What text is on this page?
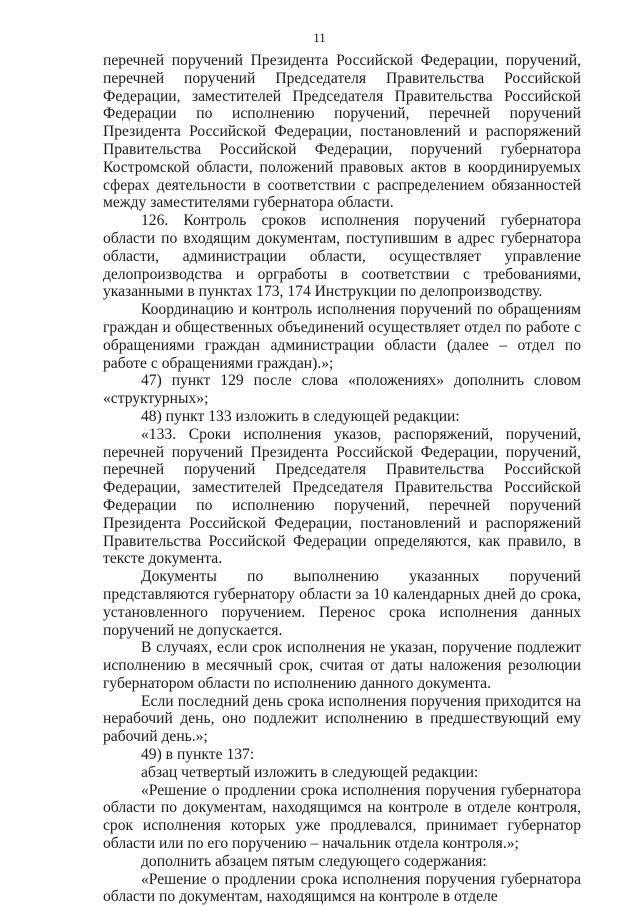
11

перечней поручений Президента Российской Федерации, поручений, перечней поручений Председателя Правительства Российской Федерации, заместителей Председателя Правительства Российской Федерации по исполнению поручений, перечней поручений Президента Российской Федерации, постановлений и распоряжений Правительства Российской Федерации, поручений губернатора Костромской области, положений правовых актов в координируемых сферах деятельности в соответствии с распределением обязанностей между заместителями губернатора области.

126. Контроль сроков исполнения поручений губернатора области по входящим документам, поступившим в адрес губернатора области, администрации области, осуществляет управление делопроизводства и оргработы в соответствии с требованиями, указанными в пунктах 173, 174 Инструкции по делопроизводству.

Координацию и контроль исполнения поручений по обращениям граждан и общественных объединений осуществляет отдел по работе с обращениями граждан администрации области (далее – отдел по работе с обращениями граждан).»;

47) пункт 129 после слова «положениях» дополнить словом «структурных»;

48) пункт 133 изложить в следующей редакции:

«133. Сроки исполнения указов, распоряжений, поручений, перечней поручений Президента Российской Федерации, поручений, перечней поручений Председателя Правительства Российской Федерации, заместителей Председателя Правительства Российской Федерации по исполнению поручений, перечней поручений Президента Российской Федерации, постановлений и распоряжений Правительства Российской Федерации определяются, как правило, в тексте документа.

Документы по выполнению указанных поручений представляются губернатору области за 10 календарных дней до срока, установленного поручением. Перенос срока исполнения данных поручений не допускается.

В случаях, если срок исполнения не указан, поручение подлежит исполнению в месячный срок, считая от даты наложения резолюции губернатором области по исполнению данного документа.

Если последний день срока исполнения поручения приходится на нерабочий день, оно подлежит исполнению в предшествующий ему рабочий день.»;

49) в пункте 137:

абзац четвертый изложить в следующей редакции:

«Решение о продлении срока исполнения поручения губернатора области по документам, находящимся на контроле в отделе контроля, срок исполнения которых уже продлевался, принимает губернатор области или по его поручению – начальник отдела контроля.»;

дополнить абзацем пятым следующего содержания:

«Решение о продлении срока исполнения поручения губернатора области по документам, находящимся на контроле в отделе
